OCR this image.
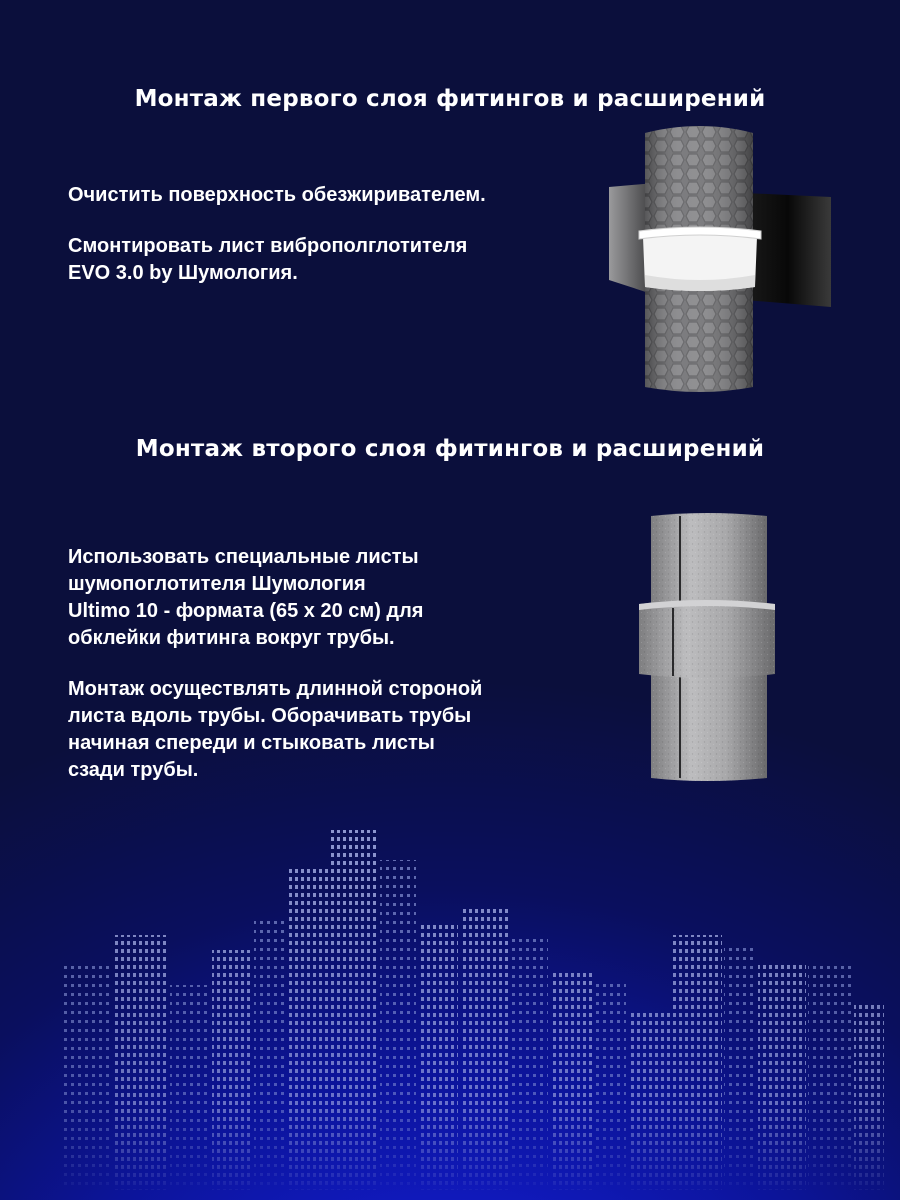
Монтаж первого слоя фитингов и расширений

Очистить поверхность обезжиривателем.

Смонтировать лист виброполглотителя

EVO 3.0 by Шумология.

Монтаж второго слоя фитингов и расширений

Использовать специальные листы

шумопоглотителя Шумология

Ultimo 10 - формата (65 х 20 см) для

обклейки фитинга вокруг трубы.

Монтаж осуществлять длинной стороной

листа вдоль трубы. Оборачивать трубы

начиная спереди и стыковать листы

сзади трубы.
